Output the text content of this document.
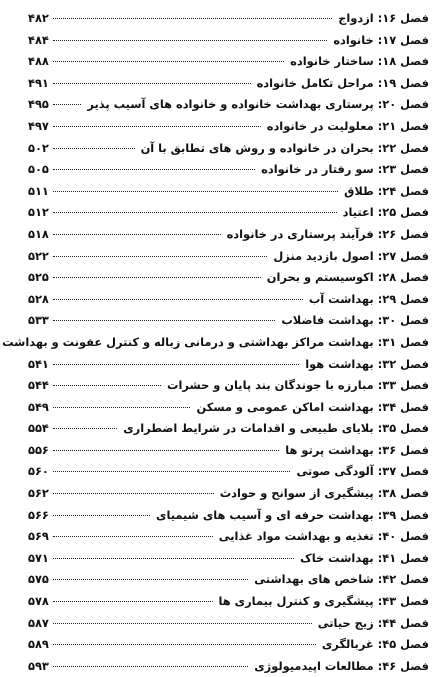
فصل ۱۶:
ازدواج
۴۸۲
فصل ۱۷:
خانواده
۴۸۴
فصل ۱۸:
ساختار خانواده
۴۸۸
فصل ۱۹:
مراحل تکامل خانواده
۴۹۱
فصل ۲۰:
پرستاری بهداشت خانواده و خانواده های آسیب پذیر
۴۹۵
فصل ۲۱:
معلولیت در خانواده
۴۹۷
فصل ۲۲:
بحران در خانواده و روش های تطابق با آن
۵۰۲
فصل ۲۳:
سو رفتار در خانواده
۵۰۵
فصل ۲۴:
طلاق
۵۱۱
فصل ۲۵:
اعتیاد
۵۱۲
فصل ۲۶:
فرآیند پرستاری در خانواده
۵۱۸
فصل ۲۷:
اصول بازدید منزل
۵۲۲
فصل ۲۸:
اکوسیستم و بحران
۵۲۵
فصل ۲۹:
بهداشت آب
۵۲۸
فصل ۳۰:
بهداشت فاضلاب
۵۳۳
فصل ۳۱:
بهداشت مراکز بهداشتی و درمانی زباله و کنترل عفونت و بهداشت
فصل ۳۲:
بهداشت هوا
۵۴۱
فصل ۳۳:
مبارزه با جوندگان بند پایان و حشرات
۵۴۴
فصل ۳۴:
بهداشت اماکن عمومی و مسکن
۵۴۹
فصل ۳۵:
بلایای طبیعی و اقدامات در شرایط اضطراری
۵۵۴
فصل ۳۶:
بهداشت پرتو ها
۵۵۶
فصل ۳۷:
آلودگی صوتی
۵۶۰
فصل ۳۸:
پیشگیری از سوانح و حوادث
۵۶۲
فصل ۳۹:
بهداشت حرفه ای و آسیب های شیمیای
۵۶۶
فصل ۴۰:
تغذیه و بهداشت مواد غذایی
۵۶۹
فصل ۴۱:
بهداشت خاک
۵۷۱
فصل ۴۲:
شاخص های بهداشتی
۵۷۵
فصل ۴۳:
پیشگیری و کنترل بیماری ها
۵۷۸
فصل ۴۴:
زیج حیاتی
۵۸۷
فصل ۴۵:
غربالگری
۵۸۹
فصل ۴۶:
مطالعات اپیدمیولوژی
۵۹۳
